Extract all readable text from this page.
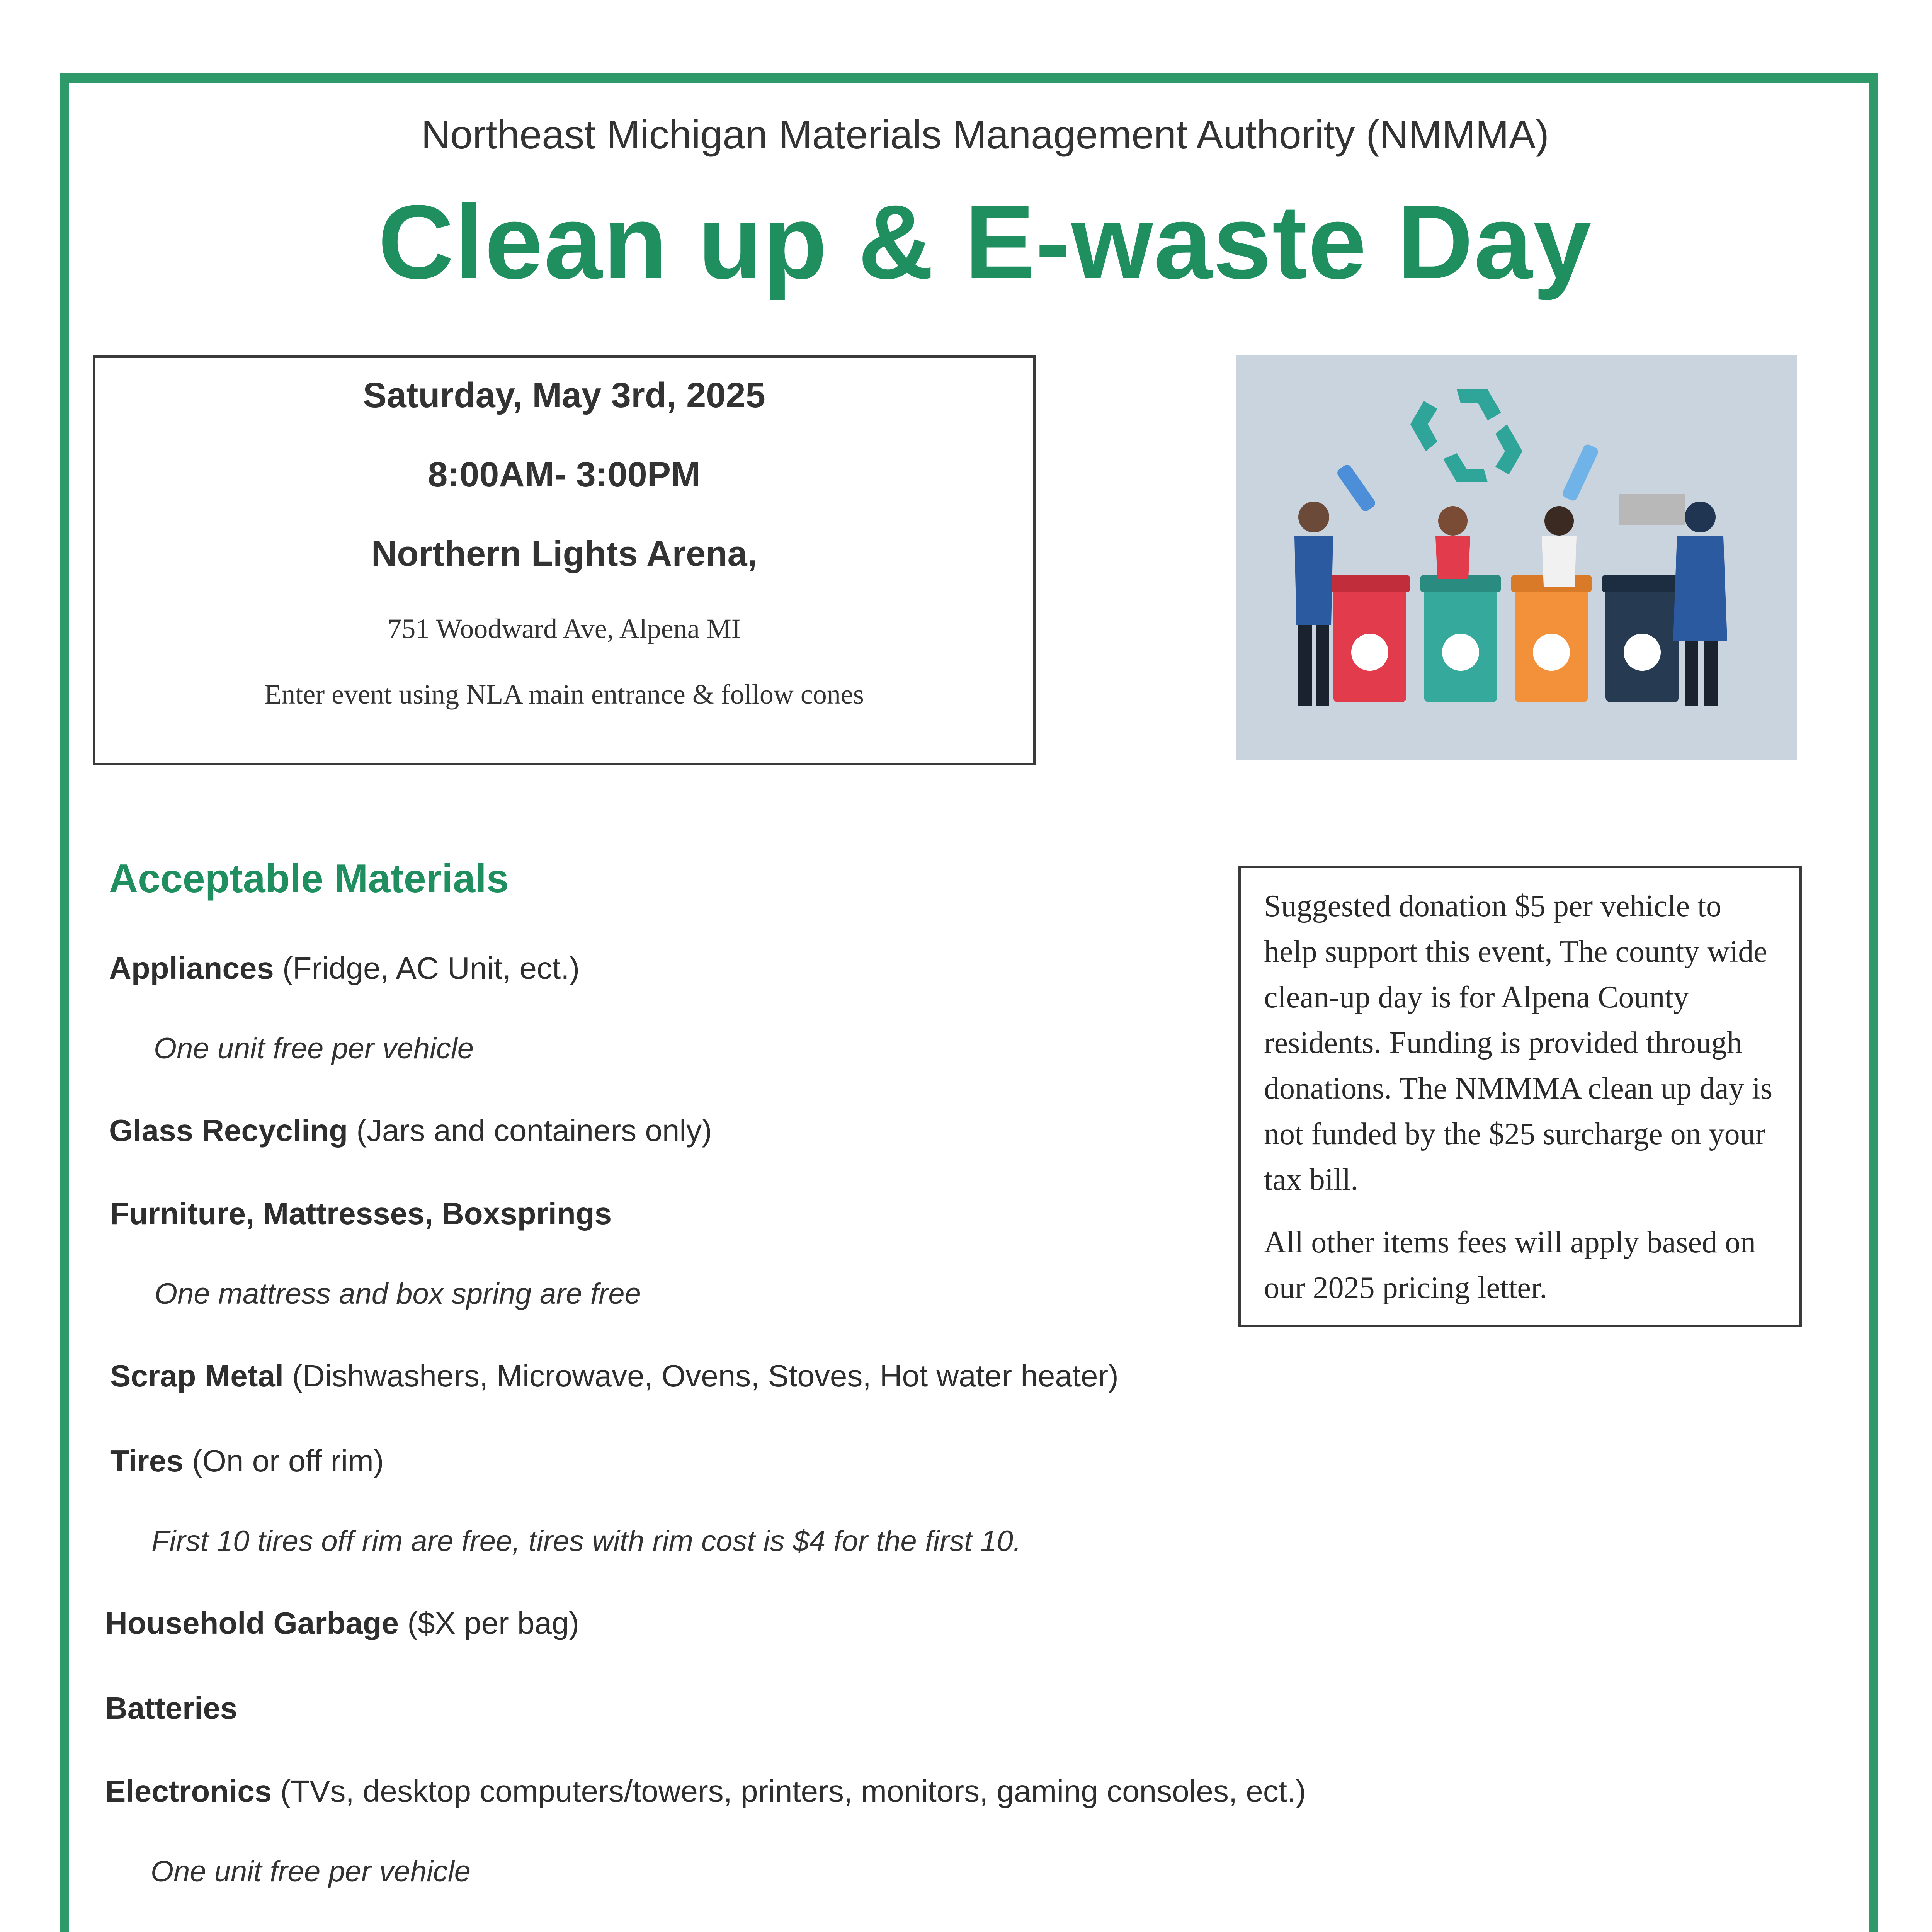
Northeast Michigan Materials Management Authority (NMMMA)
Clean up & E-waste Day
Saturday, May 3rd, 2025
8:00AM- 3:00PM
Northern Lights Arena,
751 Woodward Ave, Alpena MI
Enter event using NLA main entrance & follow cones

Suggested donation $5 per vehicle to help support this event, The county wide clean-up day is for Alpena County residents. Funding is provided through donations. The NMMMA clean up day is not funded by the $25 surcharge on your tax bill.

All other items fees will apply based on our 2025 pricing letter.

Acceptable Materials
Appliances (Fridge, AC Unit, ect.)
One unit free per vehicle
Glass Recycling (Jars and containers only)
Furniture, Mattresses, Boxsprings
One mattress and box spring are free
Scrap Metal (Dishwashers, Microwave, Ovens, Stoves, Hot water heater)
Tires (On or off rim)
First 10 tires off rim are free, tires with rim cost is $4 for the first 10.
Household Garbage ($X per bag)
Batteries
Electronics (TVs, desktop computers/towers, printers, monitors, gaming consoles, ect.)
One unit free per vehicle
